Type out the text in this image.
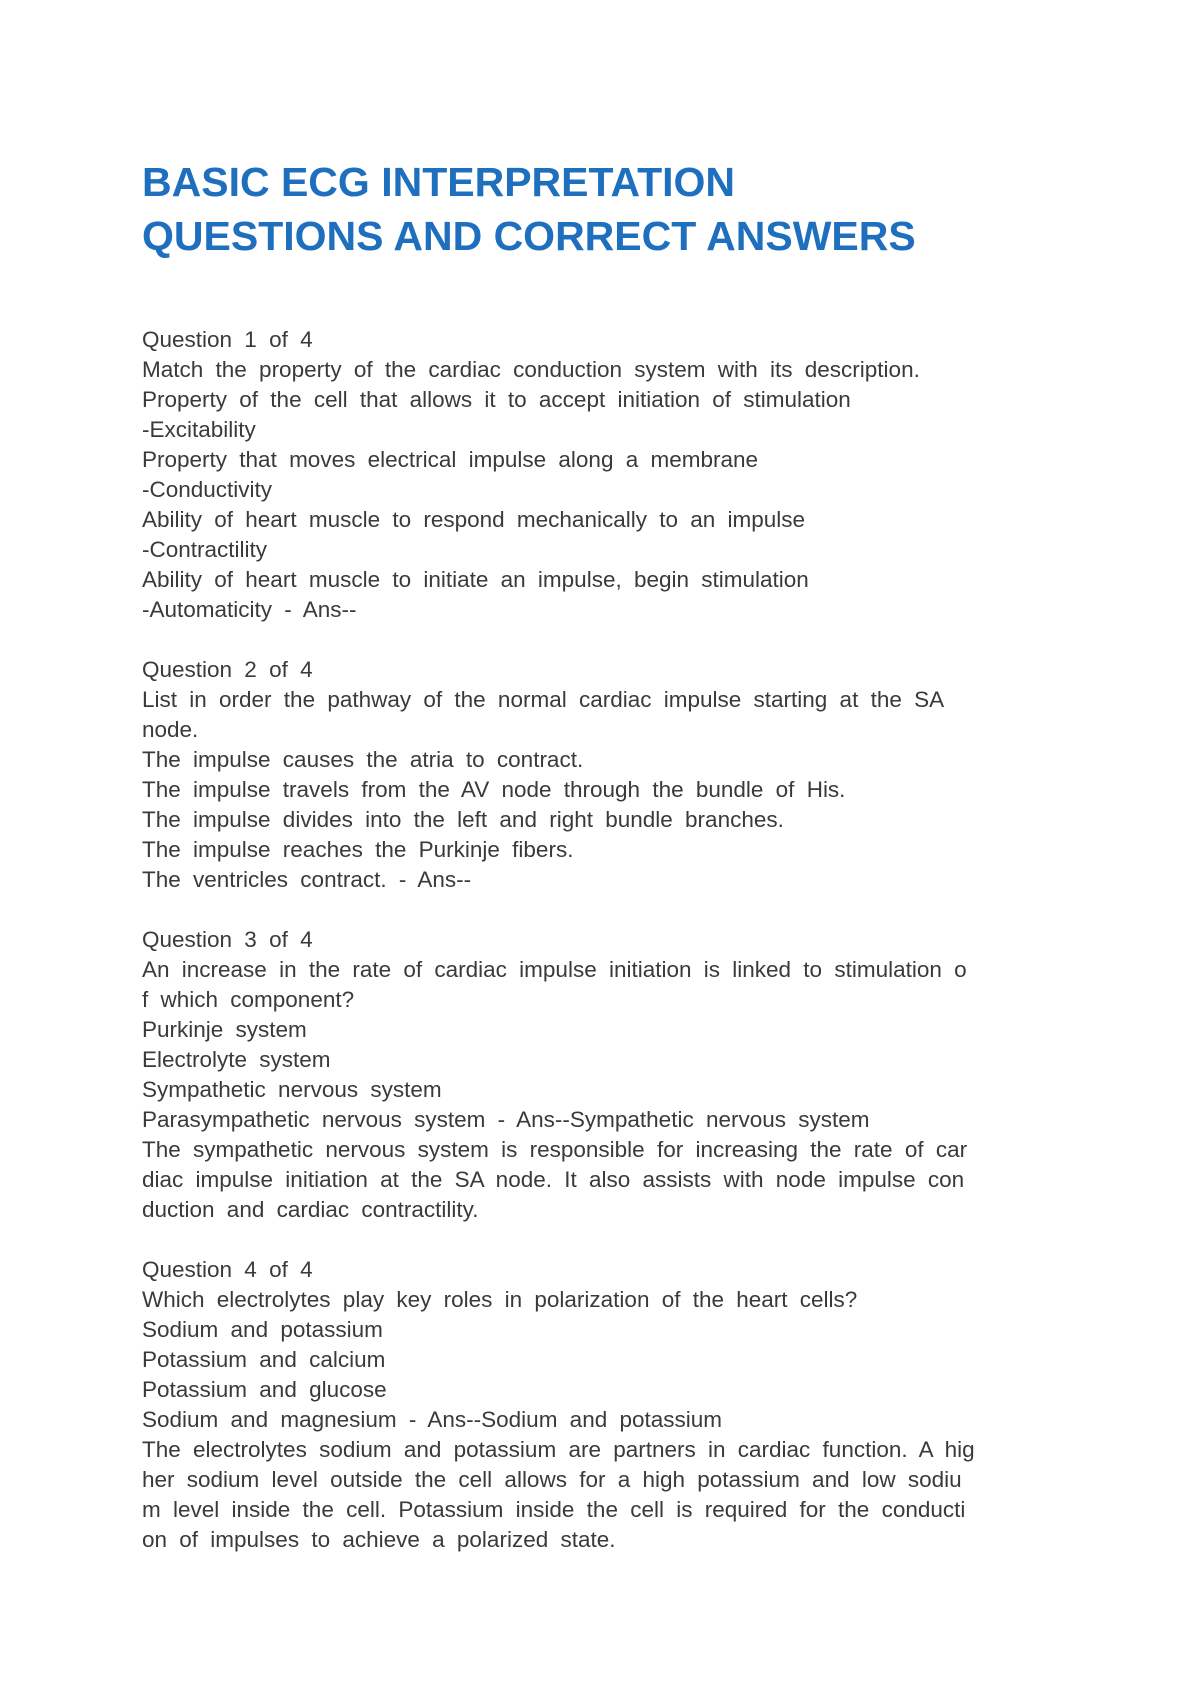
BASIC ECG INTERPRETATION
QUESTIONS AND CORRECT ANSWERS
Question 1 of 4
Match the property of the cardiac conduction system with its description.
Property of the cell that allows it to accept initiation of stimulation
-Excitability
Property that moves electrical impulse along a membrane
-Conductivity
Ability of heart muscle to respond mechanically to an impulse
-Contractility
Ability of heart muscle to initiate an impulse, begin stimulation
-Automaticity - Ans--
Question 2 of 4
List in order the pathway of the normal cardiac impulse starting at the SA
node.
The impulse causes the atria to contract.
The impulse travels from the AV node through the bundle of His.
The impulse divides into the left and right bundle branches.
The impulse reaches the Purkinje fibers.
The ventricles contract. - Ans--
Question 3 of 4
An increase in the rate of cardiac impulse initiation is linked to stimulation o
f which component?
Purkinje system
Electrolyte system
Sympathetic nervous system
Parasympathetic nervous system - Ans--Sympathetic nervous system
The sympathetic nervous system is responsible for increasing the rate of car
diac impulse initiation at the SA node. It also assists with node impulse con
duction and cardiac contractility.
Question 4 of 4
Which electrolytes play key roles in polarization of the heart cells?
Sodium and potassium
Potassium and calcium
Potassium and glucose
Sodium and magnesium - Ans--Sodium and potassium
The electrolytes sodium and potassium are partners in cardiac function. A hig
her sodium level outside the cell allows for a high potassium and low sodiu
m level inside the cell. Potassium inside the cell is required for the conducti
on of impulses to achieve a polarized state.
